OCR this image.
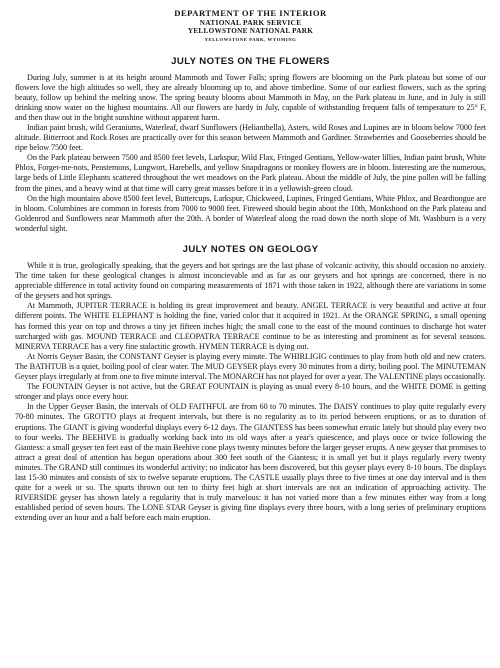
DEPARTMENT OF THE INTERIOR
NATIONAL PARK SERVICE
YELLOWSTONE NATIONAL PARK
YELLOWSTONE PARK, WYOMING
JULY NOTES ON THE FLOWERS

During July, summer is at its height around Mammoth and Tower Falls; spring flowers are blooming on the Park plateau but some of our flowers love the high altitudes so well, they are already blooming up to, and above timberline. Some of our earliest flowers, such as the spring beauty, follow up behind the melting snow. The spring beauty blooms about Mammoth in May, on the Park plateau in June, and in July is still drinking snow water on the highest mountains. All our flowers are hardy in July, capable of withstanding frequent falls of temperature to 25° F, and then thaw out in the bright sunshine without apparent harm.

Indian paint brush, wild Geraniums, Waterleaf, dwarf Sunflowers (Helianthella), Asters, wild Roses and Lupines are in bloom below 7000 feet altitude. Bitterroot and Rock Roses are practically over for this season between Mammoth and Gardiner. Strawberries and Gooseberries should be ripe below 7500 feet.

On the Park plateau between 7500 and 8500 feet levels, Larkspur, Wild Flax, Fringed Gentians, Yellow-water lillies, Indian paint brush, White Phlox, Forget-me-nots, Penstemons, Lungwort, Harebells, and yellow Snapdragons or monkey flowers are in bloom. Interesting are the numerous, large beds of Little Elephants scattered throughout the wet meadows on the Park plateau. About the middle of July, the pine pollen will be falling from the pines, and a heavy wind at that time will carry great masses before it in a yellowish-green cloud.

On the high mountains above 8500 feet level, Buttercups, Larkspur, Chickweed, Lupines, Fringed Gentians, White Phlox, and Beardtongue are in bloom. Columbines are common in forests from 7000 to 9000 feet. Fireweed should begin about the 10th, Monkshood on the Park plateau and Goldenrod and Sunflowers near Mammoth after the 20th. A border of Waterleaf along the road down the north slope of Mt. Washburn is a very wonderful sight.

JULY NOTES ON GEOLOGY

While it is true, geologically speaking, that the geyers and hot springs are the last phase of volcanic activity, this should occasion no anxiety. The time taken for these geological changes is almost inconcievable and as far as our geysers and hot springs are concerned, there is no appreciable difference in total activity found on comparing measurements of 1871 with those taken in 1922, although there are variations in some of the geysers and hot springs.

At Mammoth, JUPITER TERRACE is holding its great improvement and beauty. ANGEL TERRACE is very beautiful and active at four different points. The WHITE ELEPHANT is holding the fine, varied color that it acquired in 1921. At the ORANGE SPRING, a small opening has formed this year on top and throws a tiny jet fifteen inches high; the small cone to the east of the mound continues to discharge hot water surcharged with gas. MOUND TERRACE and CLEOPATRA TERRACE continue to be as interesting and prominent as for several seasons. MINERVA TERRACE has a very fine stalactitic growth. HYMEN TERRACE is dying out.

At Norris Geyser Basin, the CONSTANT Geyser is playing every minute. The WHIRLIGIG continues to play from both old and new craters. The BATHTUB is a quiet, boiling pool of clear water. The MUD GEYSER plays every 30 minutes from a dirty, boiling pool. The MINUTEMAN Geyser plays irregularly at from one to five minute interval. The MONARCH has not played for over a year. The VALENTINE plays occasionally.

The FOUNTAIN Geyser is not active, but the GREAT FOUNTAIN is playing as usual every 8-10 hours, and the WHITE DOME is getting stronger and plays once every hour.

In the Upper Geyser Basin, the intervals of OLD FAITHFUL are from 60 to 70 minutes. The DAISY continues to play quite regularly every 70-80 minutes. The GROTTO plays at frequent intervals, but there is no regularity as to its period between eruptions, or as to duration of eruptions. The GIANT is giving wonderful displays every 6-12 days. The GIANTESS has been somewhat erratic lately but should play every two to four weeks. The BEEHIVE is gradually working back into its old ways after a year's quiescence, and plays once or twice following the Giantess: a small geyser ten feet east of the main Beehive cone plays twenty minutes before the larger geyser erupts. A new geyser that promises to attract a great deal of attention has begun operations about 300 feet south of the Giantess; it is small yet but it plays regularly every twenty minutes. The GRAND still continues its wonderful activity; no indicator has been discovered, but this geyser plays every 8-10 hours. The displays last 15-30 minutes and consists of six to twelve separate eruptions. The CASTLE usually plays three to five times at one day interval and is then quite for a week or so. The spurts thrown out ten to thirty feet high at short intervals are not an indication of approaching activity. The RIVERSIDE geyser has shown lately a regularity that is truly marvelous: it has not varied more than a few minutes either way from a long established period of seven hours. The LONE STAR Geyser is giving fine displays every three hours, with a long series of preliminary eruptions extending over an hour and a half before each main eruption.
